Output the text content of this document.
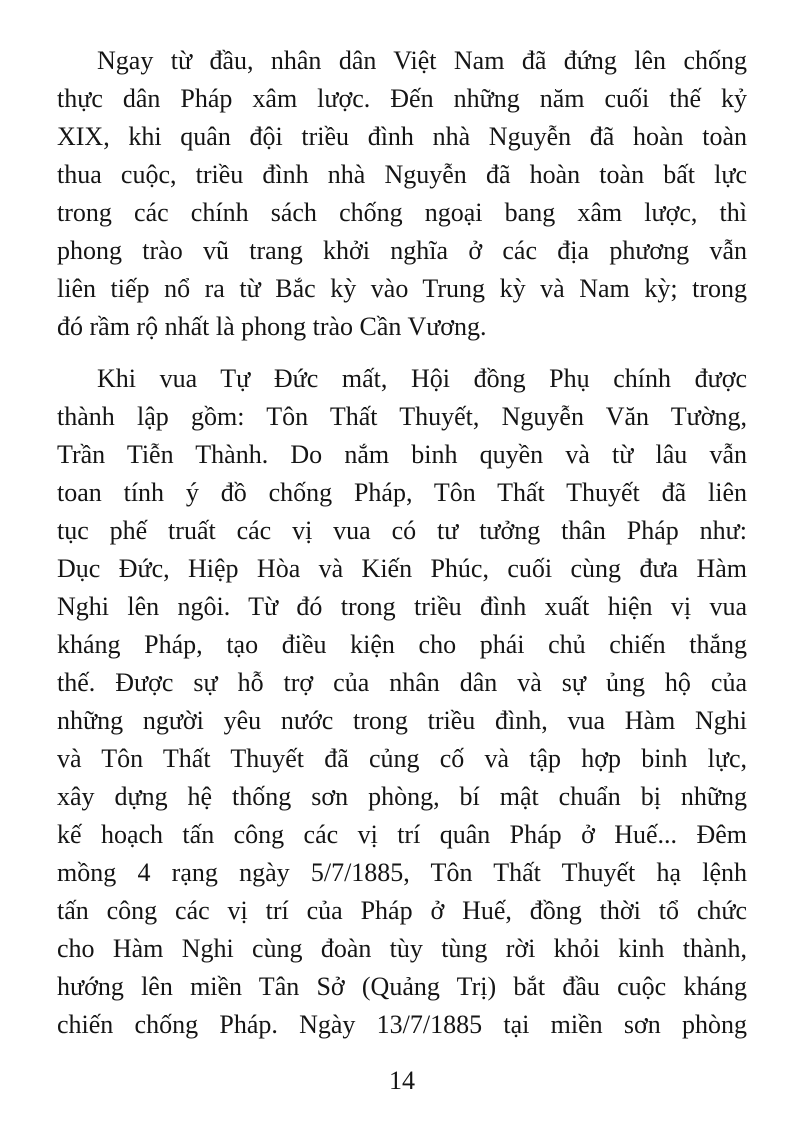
Ngay từ đầu, nhân dân Việt Nam đã đứng lên chống
thực dân Pháp xâm lược. Đến những năm cuối thế kỷ
XIX, khi quân đội triều đình nhà Nguyễn đã hoàn toàn
thua cuộc, triều đình nhà Nguyễn đã hoàn toàn bất lực
trong các chính sách chống ngoại bang xâm lược, thì
phong trào vũ trang khởi nghĩa ở các địa phương vẫn
liên tiếp nổ ra từ Bắc kỳ vào Trung kỳ và Nam kỳ; trong
đó rầm rộ nhất là phong trào Cần Vương.
Khi vua Tự Đức mất, Hội đồng Phụ chính được
thành lập gồm: Tôn Thất Thuyết, Nguyễn Văn Tường,
Trần Tiễn Thành. Do nắm binh quyền và từ lâu vẫn
toan tính ý đồ chống Pháp, Tôn Thất Thuyết đã liên
tục phế truất các vị vua có tư tưởng thân Pháp như:
Dục Đức, Hiệp Hòa và Kiến Phúc, cuối cùng đưa Hàm
Nghi lên ngôi. Từ đó trong triều đình xuất hiện vị vua
kháng Pháp, tạo điều kiện cho phái chủ chiến thắng
thế. Được sự hỗ trợ của nhân dân và sự ủng hộ của
những người yêu nước trong triều đình, vua Hàm Nghi
và Tôn Thất Thuyết đã củng cố và tập hợp binh lực,
xây dựng hệ thống sơn phòng, bí mật chuẩn bị những
kế hoạch tấn công các vị trí quân Pháp ở Huế... Đêm
mồng 4 rạng ngày 5/7/1885, Tôn Thất Thuyết hạ lệnh
tấn công các vị trí của Pháp ở Huế, đồng thời tổ chức
cho Hàm Nghi cùng đoàn tùy tùng rời khỏi kinh thành,
hướng lên miền Tân Sở (Quảng Trị) bắt đầu cuộc kháng
chiến chống Pháp. Ngày 13/7/1885 tại miền sơn phòng
14
